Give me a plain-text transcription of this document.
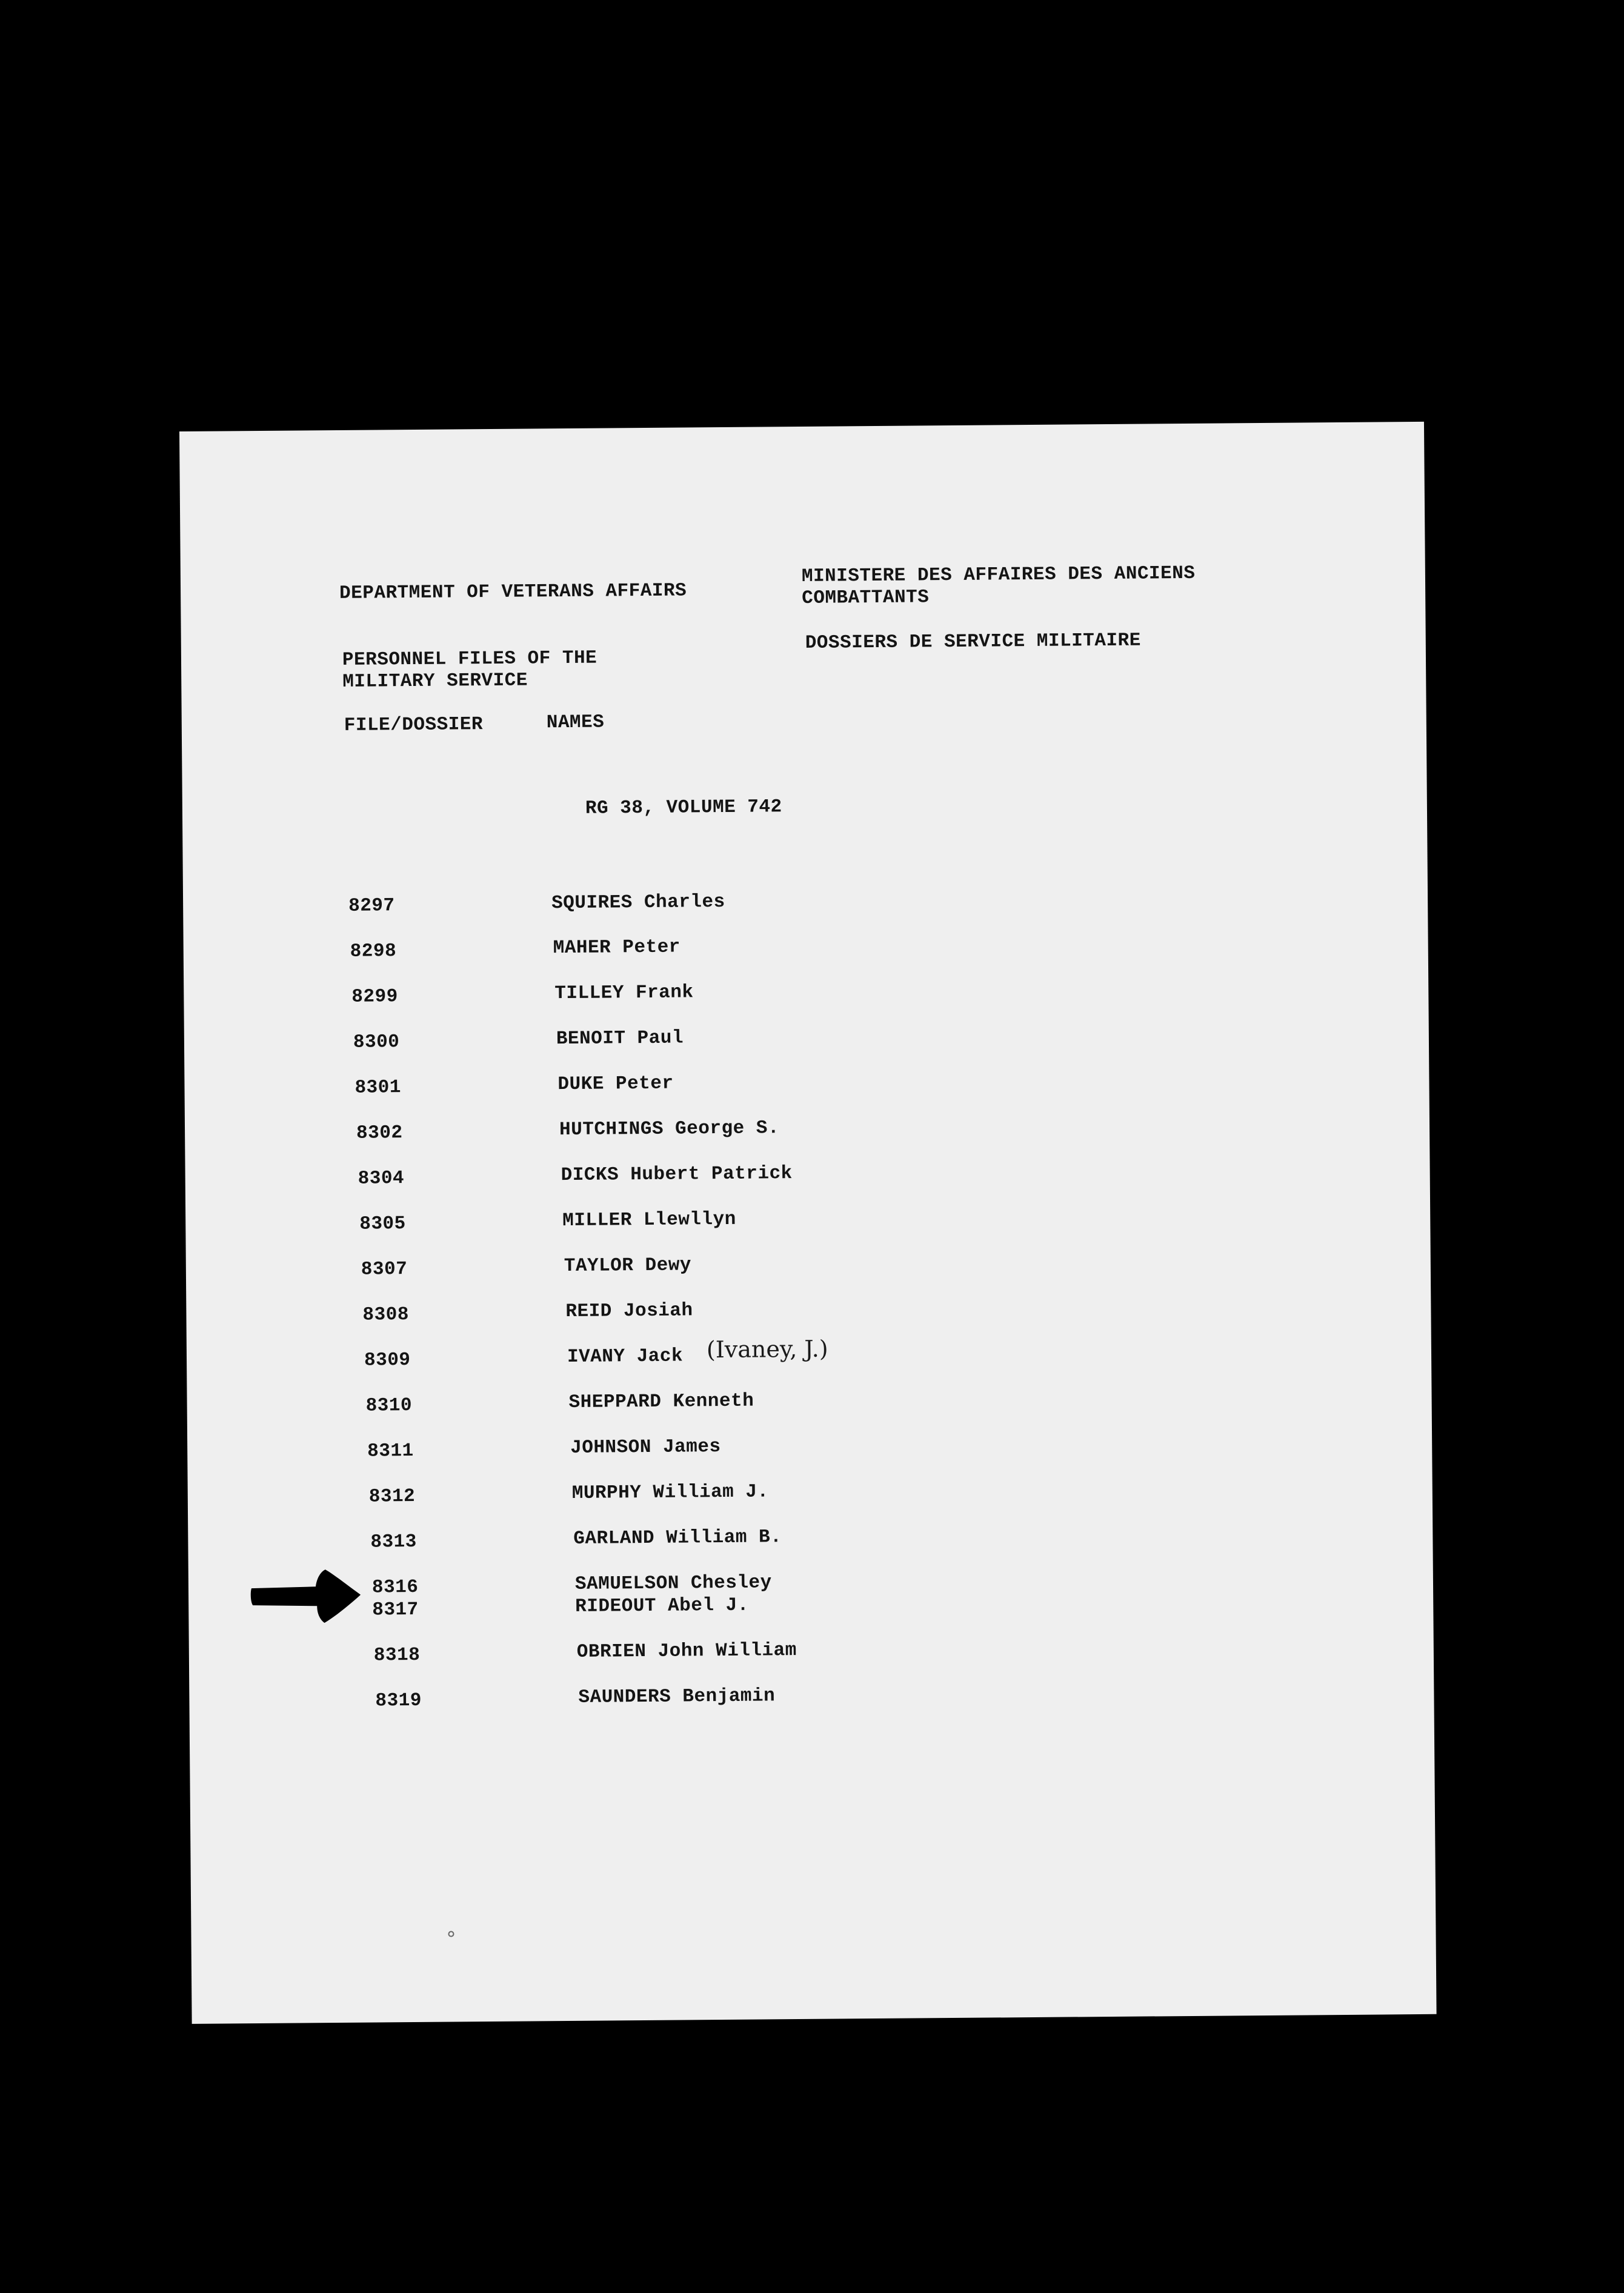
DEPARTMENT OF VETERANS AFFAIRS
MINISTERE DES AFFAIRES DES ANCIENS
COMBATTANTS
PERSONNEL FILES OF THE
MILITARY SERVICE
DOSSIERS DE SERVICE MILITAIRE
FILE/DOSSIER	NAMES
RG 38, VOLUME 742
8297	SQUIRES Charles
8298	MAHER Peter
8299	TILLEY Frank
8300	BENOIT Paul
8301	DUKE Peter
8302	HUTCHINGS George S.
8304	DICKS Hubert Patrick
8305	MILLER Llewllyn
8307	TAYLOR Dewy
8308	REID Josiah
8309	IVANY Jack (Ivaney, J.)
8310	SHEPPARD Kenneth
8311	JOHNSON James
8312	MURPHY William J.
8313	GARLAND William B.
8316	SAMUELSON Chesley
8317	RIDEOUT Abel J.
8318	OBRIEN John William
8319	SAUNDERS Benjamin
